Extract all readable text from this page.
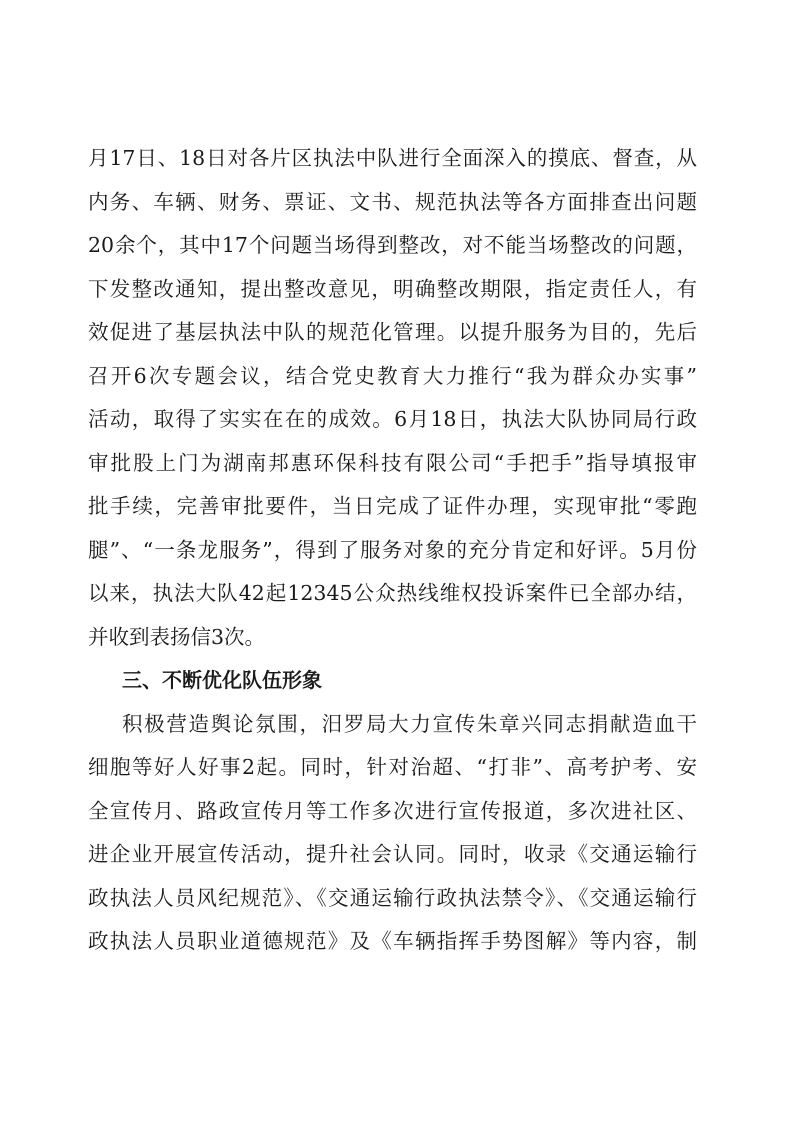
月17日、18日对各片区执法中队进行全面深入的摸底、督查，从
内务、车辆、财务、票证、文书、规范执法等各方面排查出问题
20余个，其中17个问题当场得到整改，对不能当场整改的问题，
下发整改通知，提出整改意见，明确整改期限，指定责任人，有
效促进了基层执法中队的规范化管理。以提升服务为目的，先后
召开6次专题会议，结合党史教育大力推行“我为群众办实事”
活动，取得了实实在在的成效。6月18日，执法大队协同局行政
审批股上门为湖南邦惠环保科技有限公司“手把手”指导填报审
批手续，完善审批要件，当日完成了证件办理，实现审批“零跑
腿”、“一条龙服务”，得到了服务对象的充分肯定和好评。5月份
以来，执法大队42起12345公众热线维权投诉案件已全部办结，
并收到表扬信3次。
三、不断优化队伍形象
积极营造舆论氛围，汨罗局大力宣传朱章兴同志捐献造血干
细胞等好人好事2起。同时，针对治超、“打非”、高考护考、安
全宣传月、路政宣传月等工作多次进行宣传报道，多次进社区、
进企业开展宣传活动，提升社会认同。同时，收录《交通运输行
政执法人员风纪规范》、《交通运输行政执法禁令》、《交通运输行
政执法人员职业道德规范》及《车辆指挥手势图解》等内容，制
